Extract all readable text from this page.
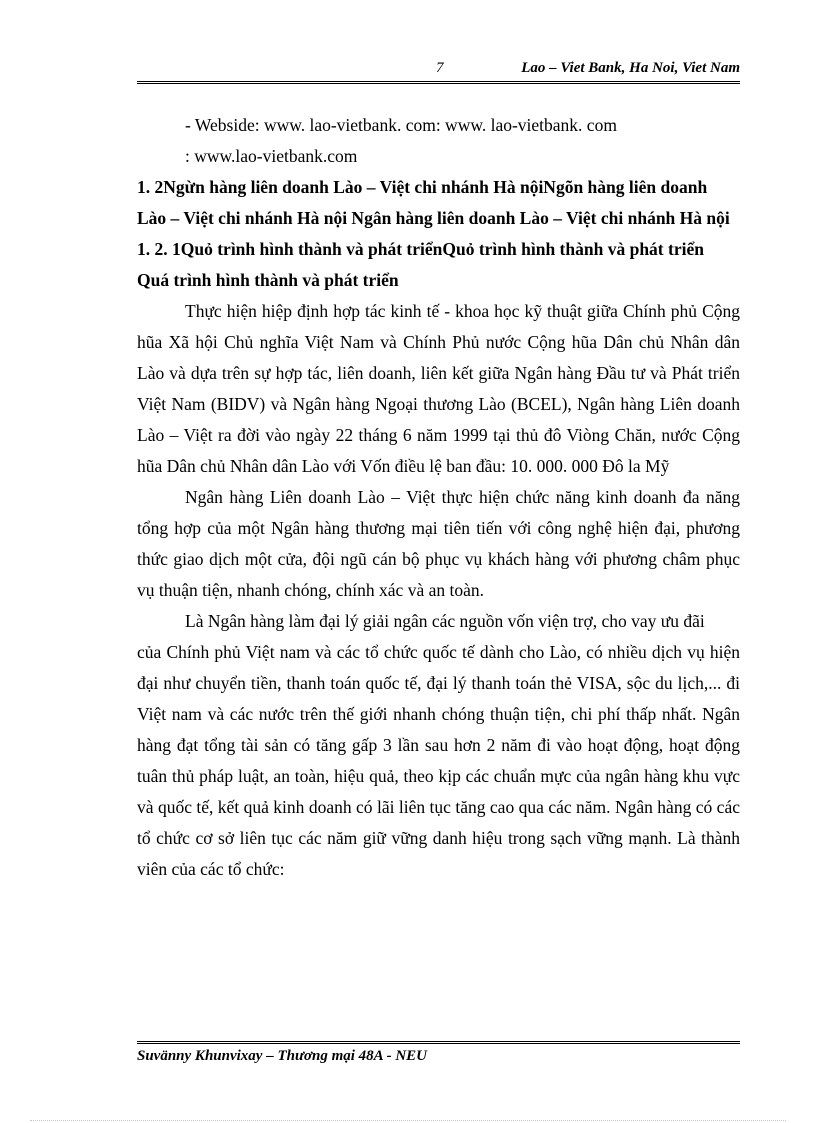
7	Lao – Viet Bank, Ha Noi, Viet Nam

- Webside: www. lao-vietbank. com: www. lao-vietbank. com

: www.lao-vietbank.com

1. 2Ngừn hàng liên doanh Lào – Việt chi nhánh Hà nộiNgõn hàng liên doanh Lào – Việt chi nhánh Hà nội Ngân hàng liên doanh Lào – Việt chi nhánh Hà nội

1. 2. 1Quỏ trình hình thành và phát triểnQuỏ trình hình thành và phát triển Quá trình hình thành và phát triển

Thực hiện hiệp định hợp tác kinh tế - khoa học kỹ thuật giữa Chính phủ Cộng hũa Xã hội Chủ nghĩa Việt Nam và Chính Phủ nước Cộng hũa Dân chủ Nhân dân Lào và dựa trên sự hợp tác, liên doanh, liên kết giữa Ngân hàng Đầu tư và Phát triển Việt Nam (BIDV) và Ngân hàng Ngoại thương Lào (BCEL), Ngân hàng Liên doanh Lào – Việt ra đời vào ngày 22 tháng 6 năm 1999 tại thủ đô Viòng Chăn, nước Cộng hũa Dân chủ Nhân dân Lào với Vốn điều lệ ban đầu: 10. 000. 000 Đô la Mỹ

Ngân hàng Liên doanh Lào – Việt thực hiện chức năng kinh doanh đa năng tổng hợp của một Ngân hàng thương mại tiên tiến với công nghệ hiện đại, phương thức giao dịch một cửa, đội ngũ cán bộ phục vụ khách hàng với phương châm phục vụ thuận tiện, nhanh chóng, chính xác và an toàn.

Là Ngân hàng làm đại lý giải ngân các nguồn vốn viện trợ, cho vay ưu đãi

của Chính phủ Việt nam và các tổ chức quốc tế dành cho Lào, có nhiều dịch vụ hiện đại như chuyển tiền, thanh toán quốc tế, đại lý thanh toán thẻ VISA, sộc du lịch,... đi Việt nam và các nước trên thế giới nhanh chóng thuận tiện, chi phí thấp nhất. Ngân hàng đạt tổng tài sản có tăng gấp 3 lần sau hơn 2 năm đi vào hoạt động, hoạt động tuân thủ pháp luật, an toàn, hiệu quả, theo kịp các chuẩn mực của ngân hàng khu vực và quốc tế, kết quả kinh doanh có lãi liên tục tăng cao qua các năm. Ngân hàng có các tổ chức cơ sở liên tục các năm giữ vững danh hiệu trong sạch vững mạnh. Là thành viên của các tổ chức:

Suvänny Khunvixay – Thương mại 48A - NEU
